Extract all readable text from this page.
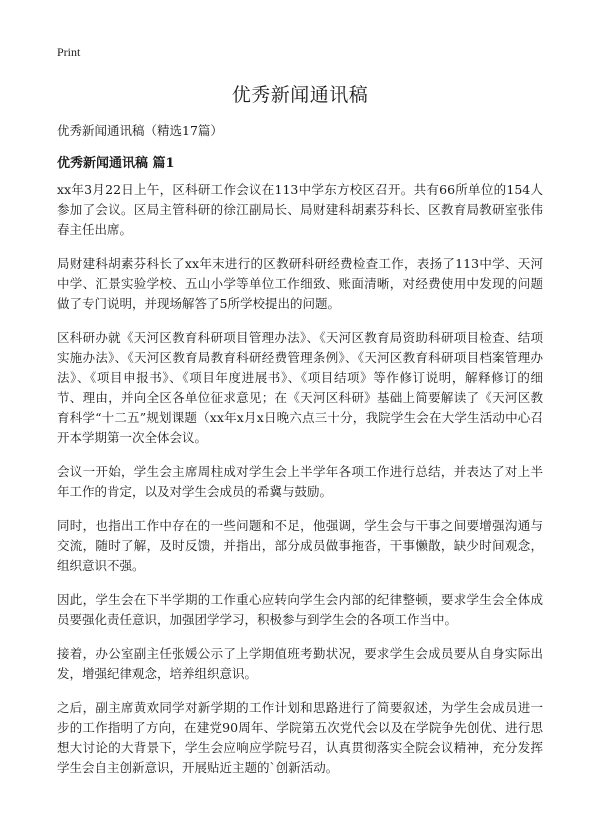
Print
优秀新闻通讯稿

优秀新闻通讯稿（精选17篇）

优秀新闻通讯稿 篇1

xx年3月22日上午，区科研工作会议在113中学东方校区召开。共有66所单位的154人参加了会议。区局主管科研的徐江副局长、局财建科胡素芬科长、区教育局教研室张伟春主任出席。

局财建科胡素芬科长了xx年末进行的区教研科研经费检查工作，表扬了113中学、天河中学、汇景实验学校、五山小学等单位工作细致、账面清晰，对经费使用中发现的问题做了专门说明，并现场解答了5所学校提出的问题。

区科研办就《天河区教育科研项目管理办法》、《天河区教育局资助科研项目检查、结项实施办法》、《天河区教育局教育科研经费管理条例》、《天河区教育科研项目档案管理办法》、《项目申报书》、《项目年度进展书》、《项目结项》等作修订说明，解释修订的细节、理由，并向全区各单位征求意见；在《天河区科研》基础上简要解读了《天河区教育科学“十二五”规划课题（xx年x月x日晚六点三十分，我院学生会在大学生活动中心召开本学期第一次全体会议。

会议一开始，学生会主席周柱成对学生会上半学年各项工作进行总结，并表达了对上半年工作的肯定，以及对学生会成员的希冀与鼓励。

同时，也指出工作中存在的一些问题和不足，他强调，学生会与干事之间要增强沟通与交流，随时了解，及时反馈，并指出，部分成员做事拖沓，干事懒散，缺少时间观念，组织意识不强。

因此，学生会在下半学期的工作重心应转向学生会内部的纪律整顿，要求学生会全体成员要强化责任意识，加强团学学习，积极参与到学生会的各项工作当中。

接着，办公室副主任张媛公示了上学期值班考勤状况，要求学生会成员要从自身实际出发，增强纪律观念，培养组织意识。

之后，副主席黄欢同学对新学期的工作计划和思路进行了简要叙述，为学生会成员进一步的工作指明了方向，在建党90周年、学院第五次党代会以及在学院争先创优、进行思想大讨论的大背景下，学生会应响应学院号召，认真贯彻落实全院会议精神，充分发挥学生会自主创新意识，开展贴近主题的`创新活动。
